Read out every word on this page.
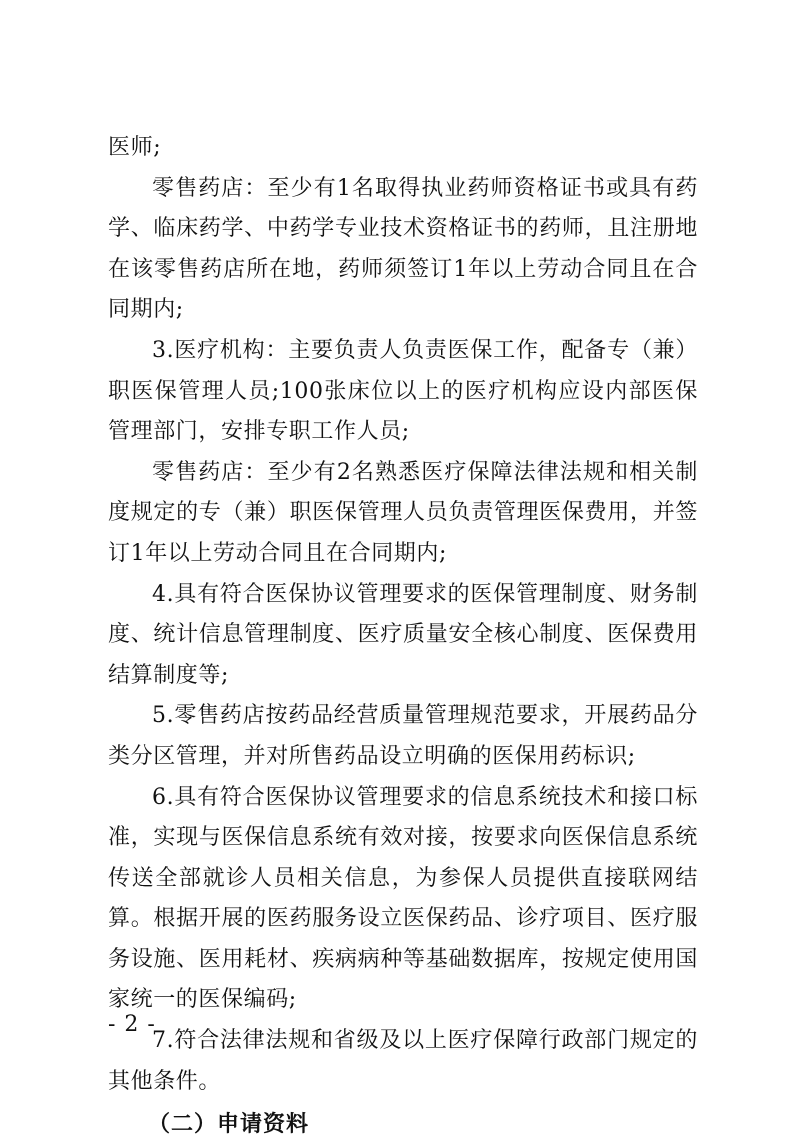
医师;

零售药店：至少有1名取得执业药师资格证书或具有药学、临床药学、中药学专业技术资格证书的药师，且注册地在该零售药店所在地，药师须签订1年以上劳动合同且在合同期内;

3.医疗机构：主要负责人负责医保工作，配备专（兼）职医保管理人员;100张床位以上的医疗机构应设内部医保管理部门，安排专职工作人员;

零售药店：至少有2名熟悉医疗保障法律法规和相关制度规定的专（兼）职医保管理人员负责管理医保费用，并签订1年以上劳动合同且在合同期内;

4.具有符合医保协议管理要求的医保管理制度、财务制度、统计信息管理制度、医疗质量安全核心制度、医保费用结算制度等;

5.零售药店按药品经营质量管理规范要求，开展药品分类分区管理，并对所售药品设立明确的医保用药标识;

6.具有符合医保协议管理要求的信息系统技术和接口标准，实现与医保信息系统有效对接，按要求向医保信息系统传送全部就诊人员相关信息，为参保人员提供直接联网结算。根据开展的医药服务设立医保药品、诊疗项目、医疗服务设施、医用耗材、疾病病种等基础数据库，按规定使用国家统一的医保编码;

7.符合法律法规和省级及以上医疗保障行政部门规定的其他条件。

（二）申请资料

- 2 -
